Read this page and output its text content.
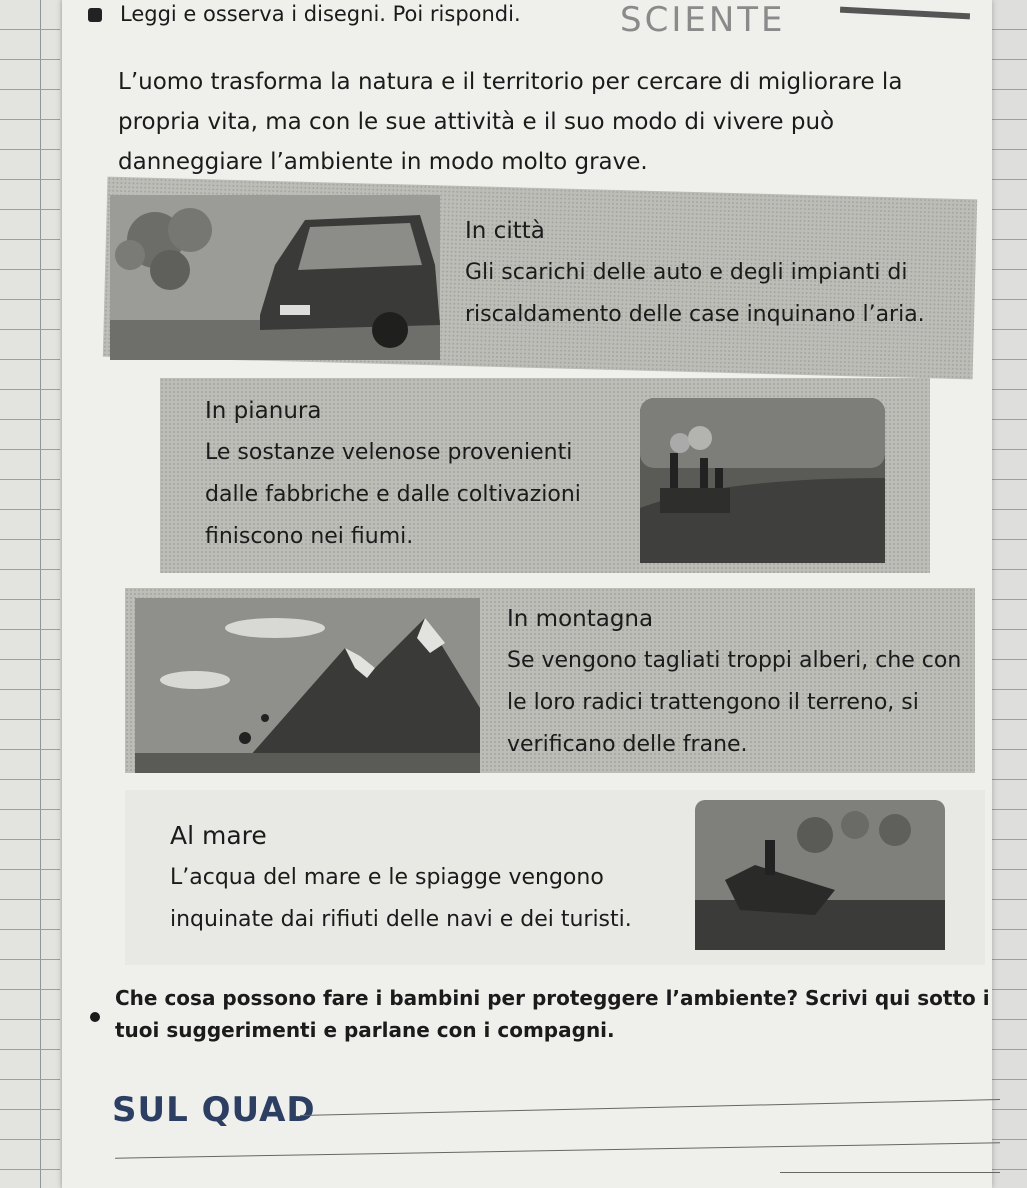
Leggi e osserva i disegni. Poi rispondi.	SCIENTE
L’uomo trasforma la natura e il territorio per cercare di migliorare la propria vita, ma con le sue attività e il suo modo di vivere può danneggiare l’ambiente in modo molto grave.
In città
Gli scarichi delle auto e degli impianti di riscaldamento delle case inquinano l’aria.
In pianura
Le sostanze velenose provenienti dalle fabbriche e dalle coltivazioni finiscono nei fiumi.
In montagna
Se vengono tagliati troppi alberi, che con le loro radici trattengono il terreno, si verificano delle frane.
Al mare
L’acqua del mare e le spiagge vengono inquinate dai rifiuti delle navi e dei turisti.
Che cosa possono fare i bambini per proteggere l’ambiente? Scrivi qui sotto i tuoi suggerimenti e parlane con i compagni.
SUL QUAD
